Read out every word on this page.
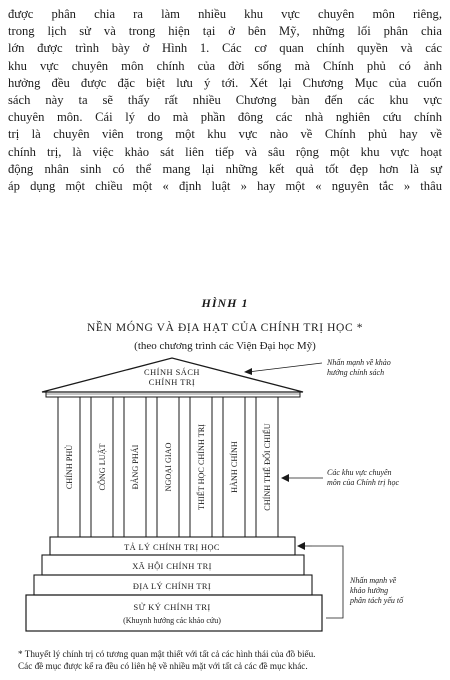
được phân chia ra làm nhiều khu vực chuyên môn riêng,
trong lịch sử và trong hiện tại ở bên Mỹ, những lối phân chia
lớn được trình bày ở Hình 1. Các cơ quan chính quyền và các
khu vực chuyên môn chính của đời sống mà Chính phủ có ảnh
hưởng đều được đặc biệt lưu ý tới. Xét lại Chương Mục của cuốn
sách này ta sẽ thấy rất nhiều Chương bàn đến các khu vực
chuyên môn. Cái lý do mà phần đông các nhà nghiên cứu chính
trị là chuyên viên trong một khu vực nào về Chính phủ hay về
chính trị, là việc khảo sát liên tiếp và sâu rộng một khu vực hoạt
động nhân sinh có thể mang lại những kết quả tốt đẹp hơn là sự
áp dụng một chiều một « định luật » hay một « nguyên tắc » thâu
HÌNH 1
NỀN MÓNG VÀ ĐỊA HẠT CỦA CHÍNH TRỊ HỌC *
(theo chương trình các Viện Đại học Mỹ)
CHÍNH SÁCH
CHÍNH TRỊ
CHÍNH PHỦ	CÔNG LUẬT	ĐẢNG PHÁI	NGOẠI GIAO	THIẾT HỌC CHÍNH TRỊ	HÀNH CHÍNH	CHÍNH THỂ ĐỐI CHIẾU
TẢ LÝ CHÍNH TRỊ HỌC
XÃ HỘI CHÍNH TRỊ
ĐỊA LÝ CHÍNH TRỊ
SỬ KÝ CHÍNH TRỊ
(Khuynh hướng các khảo cứu)
Nhấn mạnh về khảo
hướng chính sách
Các khu vực chuyên
môn của Chính trị học
Nhấn mạnh về
khảo hướng
phân tách yếu tố
* Thuyết lý chính trị có tương quan mật thiết với tất cả các hình thái của đồ biểu.
Các đề mục được kể ra đều có liên hệ về nhiều mặt với tất cả các đề mục khác.
